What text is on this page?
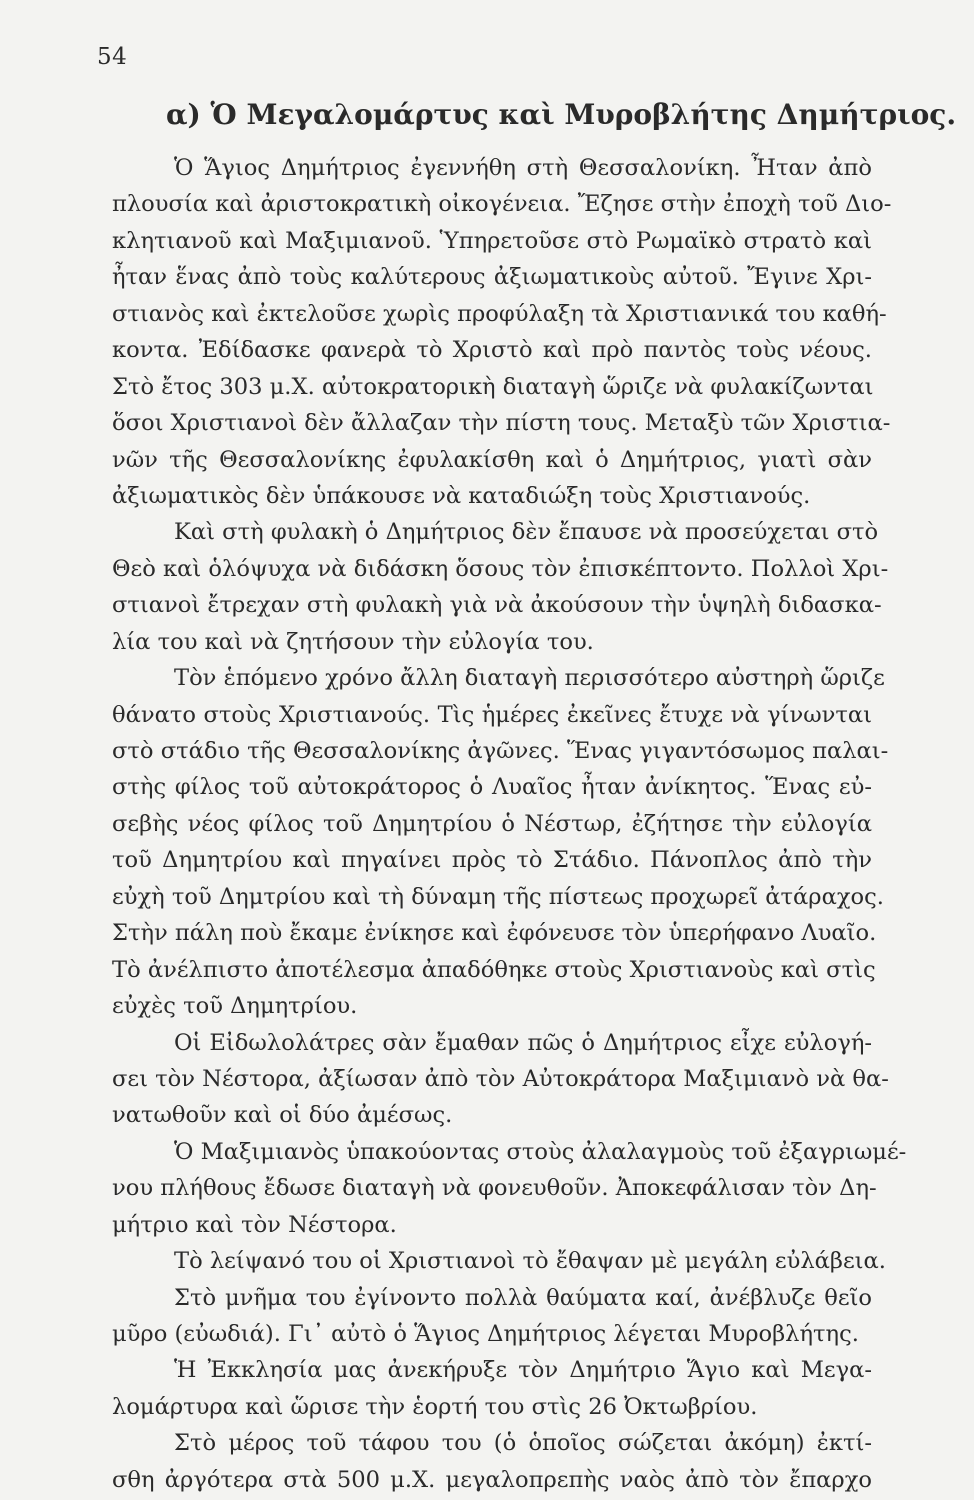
54
α) Ὁ Μεγαλομάρτυς καὶ Μυροβλήτης Δημήτριος.
Ὁ Ἅγιος Δημήτριος ἐγεννήθη στὴ Θεσσαλονίκη. Ἦταν ἀπὸ
πλουσία καὶ ἀριστοκρατικὴ οἰκογένεια. Ἔζησε στὴν ἐποχὴ τοῦ Διο-
κλητιανοῦ καὶ Μαξιμιανοῦ. Ὑπηρετοῦσε στὸ Ρωμαϊκὸ στρατὸ καὶ
ἦταν ἕνας ἀπὸ τοὺς καλύτερους ἀξιωματικοὺς αὐτοῦ. Ἔγινε Χρι-
στιανὸς καὶ ἐκτελοῦσε χωρὶς προφύλαξη τὰ Χριστιανικά του καθή-
κοντα. Ἐδίδασκε φανερὰ τὸ Χριστὸ καὶ πρὸ παντὸς τοὺς νέους.
Στὸ ἔτος 303 μ.Χ. αὐτοκρατορικὴ διαταγὴ ὥριζε νὰ φυλακίζωνται
ὅσοι Χριστιανοὶ δὲν ἄλλαζαν τὴν πίστη τους. Μεταξὺ τῶν Χριστια-
νῶν τῆς Θεσσαλονίκης ἐφυλακίσθη καὶ ὁ Δημήτριος, γιατὶ σὰν
ἀξιωματικὸς δὲν ὑπάκουσε νὰ καταδιώξη τοὺς Χριστιανούς.
Καὶ στὴ φυλακὴ ὁ Δημήτριος δὲν ἔπαυσε νὰ προσεύχεται στὸ
Θεὸ καὶ ὁλόψυχα νὰ διδάσκη ὅσους τὸν ἐπισκέπτοντο. Πολλοὶ Χρι-
στιανοὶ ἔτρεχαν στὴ φυλακὴ γιὰ νὰ ἀκούσουν τὴν ὑψηλὴ διδασκα-
λία του καὶ νὰ ζητήσουν τὴν εὐλογία του.
Τὸν ἑπόμενο χρόνο ἄλλη διαταγὴ περισσότερο αὐστηρὴ ὥριζε
θάνατο στοὺς Χριστιανούς. Τὶς ἡμέρες ἐκεῖνες ἔτυχε νὰ γίνωνται
στὸ στάδιο τῆς Θεσσαλονίκης ἀγῶνες. Ἕνας γιγαντόσωμος παλαι-
στὴς φίλος τοῦ αὐτοκράτορος ὁ Λυαῖος ἦταν ἀνίκητος. Ἕνας εὐ-
σεβὴς νέος φίλος τοῦ Δημητρίου ὁ Νέστωρ, ἐζήτησε τὴν εὐλογία
τοῦ Δημητρίου καὶ πηγαίνει πρὸς τὸ Στάδιο. Πάνοπλος ἀπὸ τὴν
εὐχὴ τοῦ Δημτρίου καὶ τὴ δύναμη τῆς πίστεως προχωρεῖ ἀτάραχος.
Στὴν πάλη ποὺ ἔκαμε ἐνίκησε καὶ ἐφόνευσε τὸν ὑπερήφανο Λυαῖο.
Τὸ ἀνέλπιστο ἀποτέλεσμα ἀπαδόθηκε στοὺς Χριστιανοὺς καὶ στὶς
εὐχὲς τοῦ Δημητρίου.
Οἱ Εἰδωλολάτρες σὰν ἔμαθαν πῶς ὁ Δημήτριος εἶχε εὐλογή-
σει τὸν Νέστορα, ἀξίωσαν ἀπὸ τὸν Αὐτοκράτορα Μαξιμιανὸ νὰ θα-
νατωθοῦν καὶ οἱ δύο ἀμέσως.
Ὁ Μαξιμιανὸς ὑπακούοντας στοὺς ἀλαλαγμοὺς τοῦ ἐξαγριωμέ-
νου πλήθους ἔδωσε διαταγὴ νὰ φονευθοῦν. Ἀποκεφάλισαν τὸν Δη-
μήτριο καὶ τὸν Νέστορα.
Τὸ λείψανό του οἱ Χριστιανοὶ τὸ ἔθαψαν μὲ μεγάλη εὐλάβεια.
Στὸ μνῆμα του ἐγίνοντο πολλὰ θαύματα καί, ἀνέβλυζε θεῖο
μῦρο (εὐωδιά). Γι᾽ αὐτὸ ὁ Ἅγιος Δημήτριος λέγεται Μυροβλήτης.
Ἡ Ἐκκλησία μας ἀνεκήρυξε τὸν Δημήτριο Ἅγιο καὶ Μεγα-
λομάρτυρα καὶ ὥρισε τὴν ἑορτή του στὶς 26 Ὀκτωβρίου.
Στὸ μέρος τοῦ τάφου του (ὁ ὁποῖος σώζεται ἀκόμη) ἐκτί-
σθη ἀργότερα στὰ 500 μ.Χ. μεγαλοπρεπὴς ναὸς ἀπὸ τὸν ἔπαρχο
